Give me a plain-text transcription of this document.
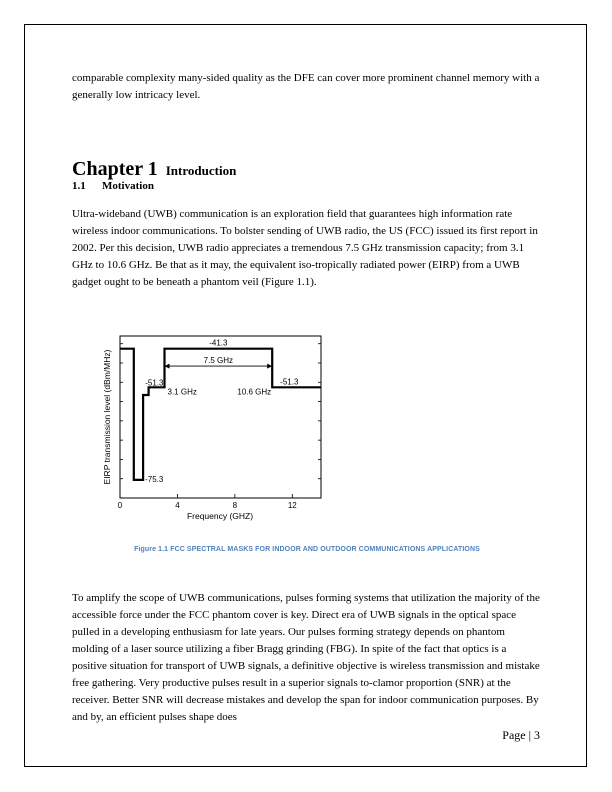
comparable complexity many-sided quality as the DFE can cover more prominent channel memory with a generally low intricacy level.

Chapter 1 Introduction
1.1 Motivation

Ultra-wideband (UWB) communication is an exploration field that guarantees high information rate wireless indoor communications. To bolster sending of UWB radio, the US (FCC) issued its first report in 2002. Per this decision, UWB radio appreciates a tremendous 7.5 GHz transmission capacity; from 3.1 GHz to 10.6 GHz. Be that as it may, the equivalent iso-tropically radiated power (EIRP) from a UWB gadget ought to be beneath a phantom veil (Figure 1.1).

0	4	8	12
-41.3
7.5 GHz
-51.3	-51.3
3.1 GHz	10.6 GHz
-75.3
Frequency (GHZ)
EIRP transmission level (dBm/MHz)

Figure 1.1 FCC SPECTRAL MASKS FOR INDOOR AND OUTDOOR COMMUNICATIONS APPLICATIONS

To amplify the scope of UWB communications, pulses forming systems that utilization the majority of the accessible force under the FCC phantom cover is key. Direct era of UWB signals in the optical space pulled in a developing enthusiasm for late years. Our pulses forming strategy depends on phantom molding of a laser source utilizing a fiber Bragg grinding (FBG). In spite of the fact that optics is a positive situation for transport of UWB signals, a definitive objective is wireless transmission and mistake free gathering. Very productive pulses result in a superior signals to-clamor proportion (SNR) at the receiver. Better SNR will decrease mistakes and develop the span for indoor communication purposes. By and by, an efficient pulses shape does

Page | 3
